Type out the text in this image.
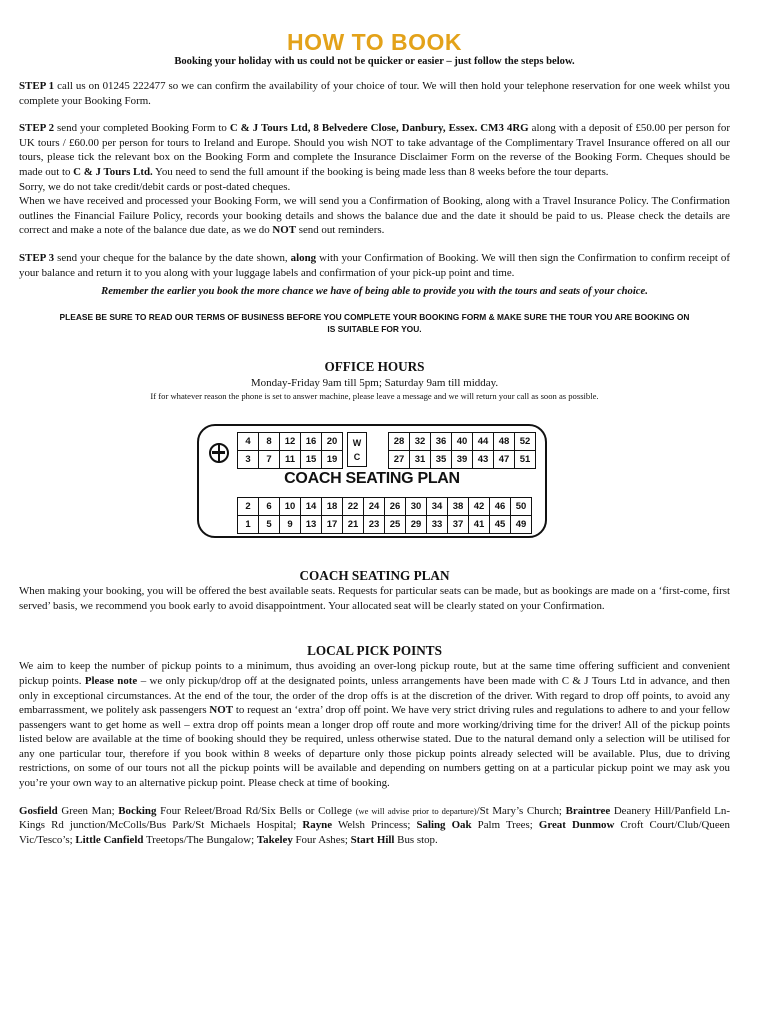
HOW TO BOOK
Booking your holiday with us could not be quicker or easier – just follow the steps below.

STEP 1 call us on 01245 222477 so we can confirm the availability of your choice of tour. We will then hold your telephone reservation for one week whilst you complete your Booking Form.

STEP 2 send your completed Booking Form to C & J Tours Ltd, 8 Belvedere Close, Danbury, Essex. CM3 4RG along with a deposit of £50.00 per person for UK tours / £60.00 per person for tours to Ireland and Europe. Should you wish NOT to take advantage of the Complimentary Travel Insurance offered on all our tours, please tick the relevant box on the Booking Form and complete the Insurance Disclaimer Form on the reverse of the Booking Form. Cheques should be made out to C & J Tours Ltd. You need to send the full amount if the booking is being made less than 8 weeks before the tour departs.

Sorry, we do not take credit/debit cards or post-dated cheques.

When we have received and processed your Booking Form, we will send you a Confirmation of Booking, along with a Travel Insurance Policy. The Confirmation outlines the Financial Failure Policy, records your booking details and shows the balance due and the date it should be paid to us. Please check the details are correct and make a note of the balance due date, as we do NOT send out reminders.

STEP 3 send your cheque for the balance by the date shown, along with your Confirmation of Booking. We will then sign the Confirmation to confirm receipt of your balance and return it to you along with your luggage labels and confirmation of your pick-up point and time.

Remember the earlier you book the more chance we have of being able to provide you with the tours and seats of your choice.
PLEASE BE SURE TO READ OUR TERMS OF BUSINESS BEFORE YOU COMPLETE YOUR BOOKING FORM & MAKE SURE THE TOUR YOU ARE BOOKING ON IS SUITABLE FOR YOU.
OFFICE HOURS
Monday-Friday 9am till 5pm; Saturday 9am till midday.
If for whatever reason the phone is set to answer machine, please leave a message and we will return your call as soon as possible.
4	8	12	16	20
3	7	11	15	19
W
C
28	32	36	40	44	48	52
27	31	35	39	43	47	51
COACH SEATING PLAN
2	6	10	14	18	22	24	26	30	34	38	42	46	50
1	5	9	13	17	21	23	25	29	33	37	41	45	49
COACH SEATING PLAN

When making your booking, you will be offered the best available seats. Requests for particular seats can be made, but as bookings are made on a ‘first-come, first served’ basis, we recommend you book early to avoid disappointment. Your allocated seat will be clearly stated on your Confirmation.

LOCAL PICK POINTS

We aim to keep the number of pickup points to a minimum, thus avoiding an over-long pickup route, but at the same time offering sufficient and convenient pickup points. Please note – we only pickup/drop off at the designated points, unless arrangements have been made with C & J Tours Ltd in advance, and then only in exceptional circumstances. At the end of the tour, the order of the drop offs is at the discretion of the driver. With regard to drop off points, to avoid any embarrassment, we politely ask passengers NOT to request an ‘extra’ drop off point. We have very strict driving rules and regulations to adhere to and your fellow passengers want to get home as well – extra drop off points mean a longer drop off route and more working/driving time for the driver! All of the pickup points listed below are available at the time of booking should they be required, unless otherwise stated. Due to the natural demand only a selection will be utilised for any one particular tour, therefore if you book within 8 weeks of departure only those pickup points already selected will be available. Plus, due to driving restrictions, on some of our tours not all the pickup points will be available and depending on numbers getting on at a particular pickup point we may ask you you’re your own way to an alternative pickup point. Please check at time of booking.

Gosfield Green Man; Bocking Four Releet/Broad Rd/Six Bells or College (we will advise prior to departure)/St Mary’s Church; Braintree Deanery Hill/Panfield Ln-Kings Rd junction/McColls/Bus Park/St Michaels Hospital; Rayne Welsh Princess; Saling Oak Palm Trees; Great Dunmow Croft Court/Club/Queen Vic/Tesco’s; Little Canfield Treetops/The Bungalow; Takeley Four Ashes; Start Hill Bus stop.
